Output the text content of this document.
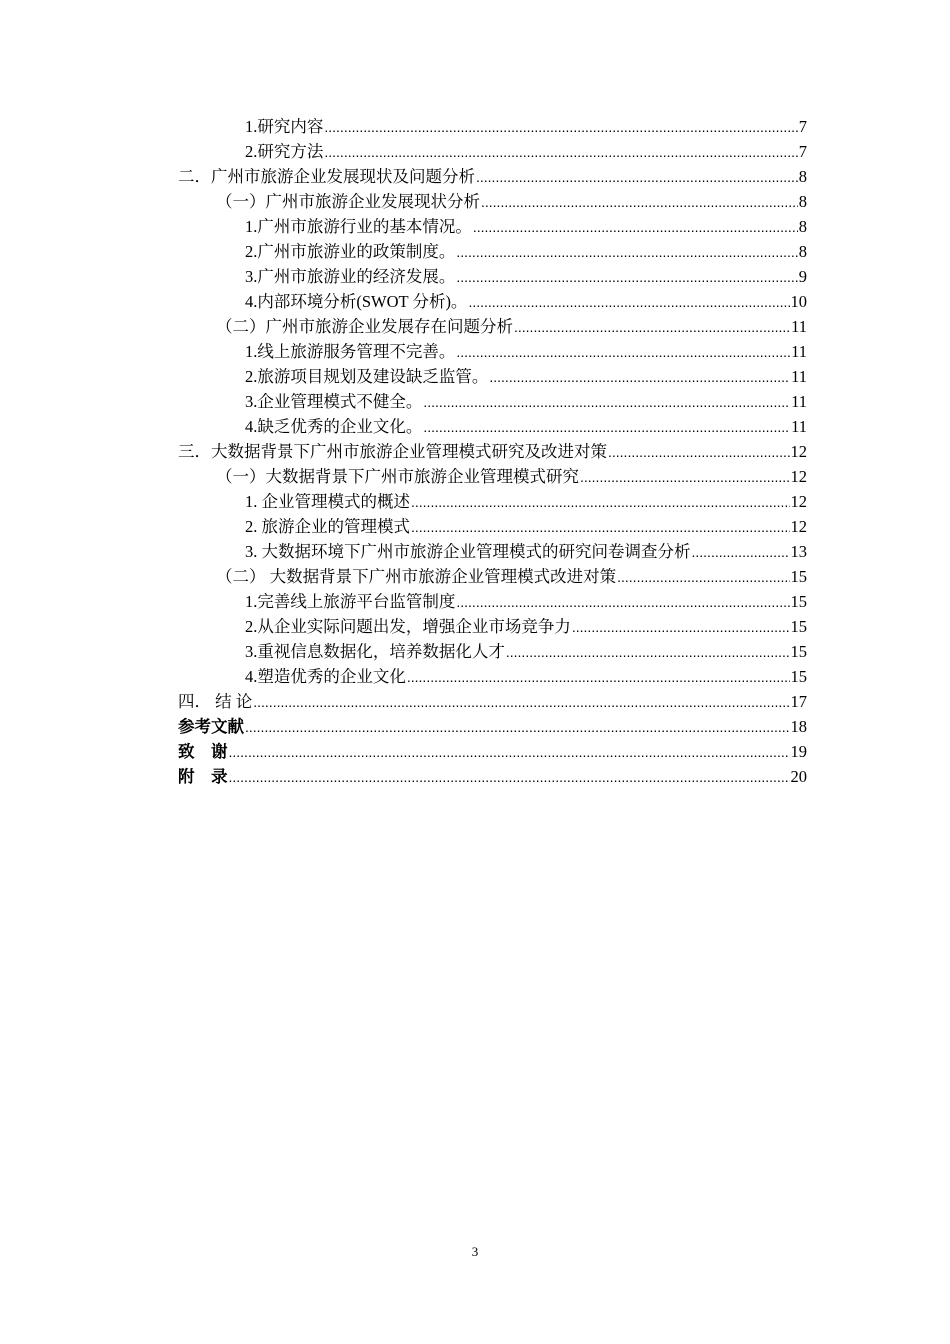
1.研究内容 .....	7
2.研究方法 .....	7
二．广州市旅游企业发展现状及问题分析 .....	8
（一）广州市旅游企业发展现状分析 .....	8
1.广州市旅游行业的基本情况。 .....	8
2.广州市旅游业的政策制度。 .....	8
3.广州市旅游业的经济发展。 .....	9
4.内部环境分析(SWOT 分析)。 .....	10
（二）广州市旅游企业发展存在问题分析 .....	11
1.线上旅游服务管理不完善。 .....	11
2.旅游项目规划及建设缺乏监管。 .....	11
3.企业管理模式不健全。 .....	11
4.缺乏优秀的企业文化。 .....	11
三．大数据背景下广州市旅游企业管理模式研究及改进对策 .....	12
（一）大数据背景下广州市旅游企业管理模式研究 .....	12
1. 企业管理模式的概述 .....	12
2. 旅游企业的管理模式 .....	12
3. 大数据环境下广州市旅游企业管理模式的研究问卷调查分析 .....	13
（二） 大数据背景下广州市旅游企业管理模式改进对策 .....	15
1.完善线上旅游平台监管制度 .....	15
2.从企业实际问题出发，增强企业市场竞争力 .....	15
3.重视信息数据化，培养数据化人才 .....	15
4.塑造优秀的企业文化 .....	15
四． 结 论 .....	17
参考文献 .....	18
致　谢 .....	19
附　录 .....	20
3
